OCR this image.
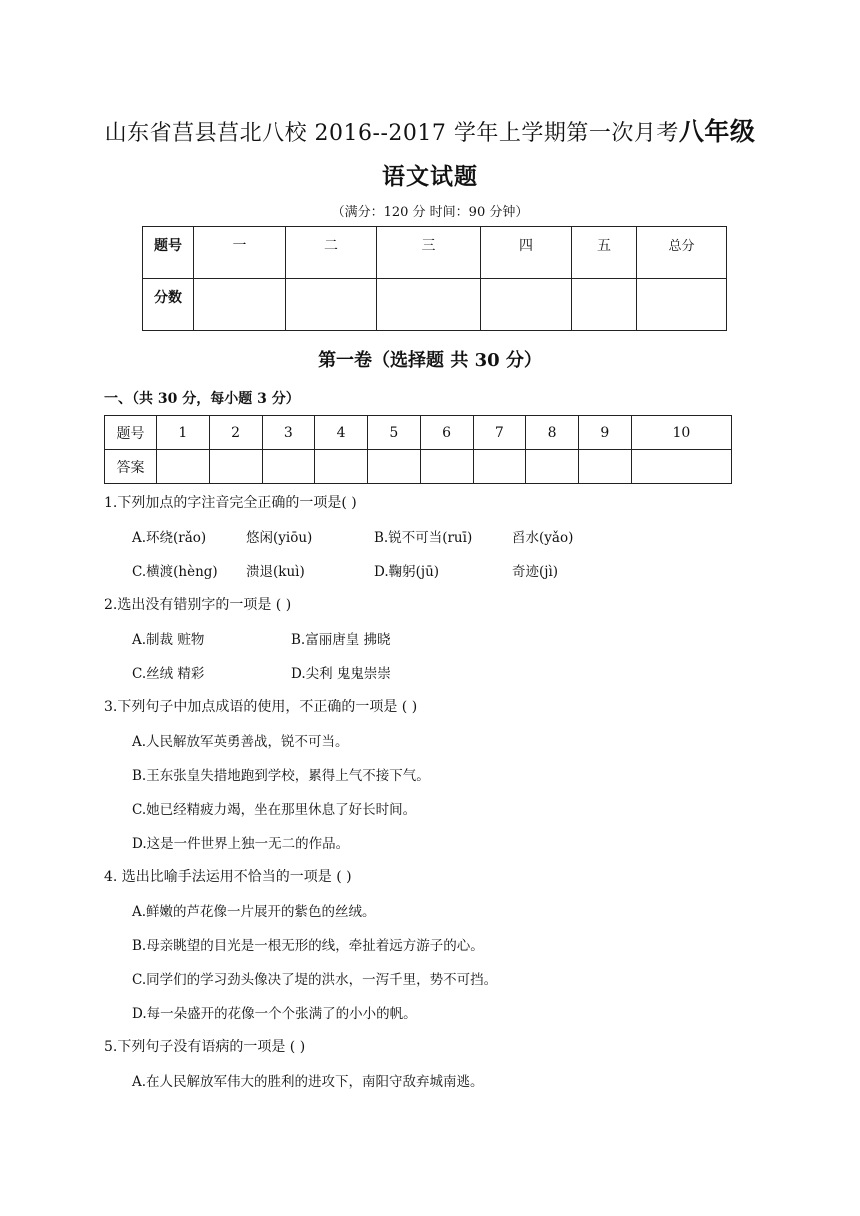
山东省莒县莒北八校 2016--2017 学年上学期第一次月考八年级
语文试题
（满分：120 分 时间：90 分钟）
题号	一	二	三	四	五	总分
分数						
第一卷（选择题 共 30 分）
一、（共 30 分，每小题 3 分）
题号	1	2	3	4	5	6	7	8	9	10
答案										
1.下列加点的字注音完全正确的一项是( )
A.环绕(rǎo)	悠闲(yiōu)	B.锐不可当(ruī)	舀水(yǎo)
C.横渡(hèng) 溃退(kuì)	D.鞠躬(jū)	奇迹(jì)
2.选出没有错别字的一项是 ( )
A.制裁 赃物	B.富丽唐皇 拂晓
C.丝绒 精彩	D.尖利 鬼鬼崇崇
3.下列句子中加点成语的使用，不正确的一项是 ( )
A.人民解放军英勇善战，锐不可当。
B.王东张皇失措地跑到学校，累得上气不接下气。
C.她已经精疲力竭，坐在那里休息了好长时间。
D.这是一件世界上独一无二的作品。
4. 选出比喻手法运用不恰当的一项是 ( )
A.鲜嫩的芦花像一片展开的紫色的丝绒。
B.母亲眺望的目光是一根无形的线，牵扯着远方游子的心。
C.同学们的学习劲头像决了堤的洪水，一泻千里，势不可挡。
D.每一朵盛开的花像一个个张满了的小小的帆。
5.下列句子没有语病的一项是 ( )
A.在人民解放军伟大的胜利的进攻下，南阳守敌弃城南逃。
